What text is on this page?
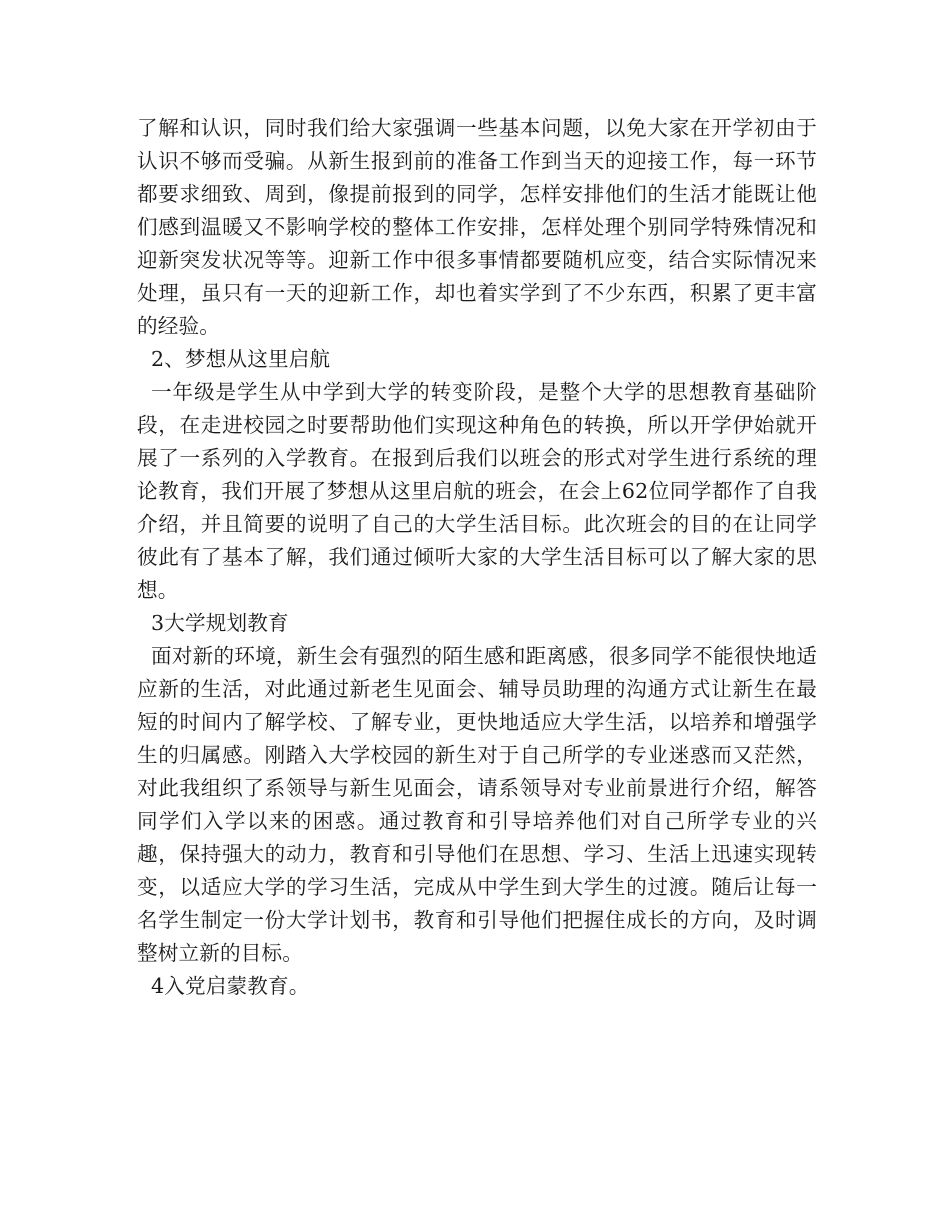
了解和认识，同时我们给大家强调一些基本问题，以免大家在开学初由于认识不够而受骗。从新生报到前的准备工作到当天的迎接工作，每一环节都要求细致、周到，像提前报到的同学，怎样安排他们的生活才能既让他们感到温暖又不影响学校的整体工作安排，怎样处理个别同学特殊情况和迎新突发状况等等。迎新工作中很多事情都要随机应变，结合实际情况来处理，虽只有一天的迎新工作，却也着实学到了不少东西，积累了更丰富的经验。

2、梦想从这里启航

一年级是学生从中学到大学的转变阶段，是整个大学的思想教育基础阶段，在走进校园之时要帮助他们实现这种角色的转换，所以开学伊始就开展了一系列的入学教育。在报到后我们以班会的形式对学生进行系统的理论教育，我们开展了梦想从这里启航的班会，在会上62位同学都作了自我介绍，并且简要的说明了自己的大学生活目标。此次班会的目的在让同学彼此有了基本了解，我们通过倾听大家的大学生活目标可以了解大家的思想。

3大学规划教育

面对新的环境，新生会有强烈的陌生感和距离感，很多同学不能很快地适应新的生活，对此通过新老生见面会、辅导员助理的沟通方式让新生在最短的时间内了解学校、了解专业，更快地适应大学生活，以培养和增强学生的归属感。刚踏入大学校园的新生对于自己所学的专业迷惑而又茫然，对此我组织了系领导与新生见面会，请系领导对专业前景进行介绍，解答同学们入学以来的困惑。通过教育和引导培养他们对自己所学专业的兴趣，保持强大的动力，教育和引导他们在思想、学习、生活上迅速实现转变，以适应大学的学习生活，完成从中学生到大学生的过渡。随后让每一名学生制定一份大学计划书，教育和引导他们把握住成长的方向，及时调整树立新的目标。

4入党启蒙教育。
